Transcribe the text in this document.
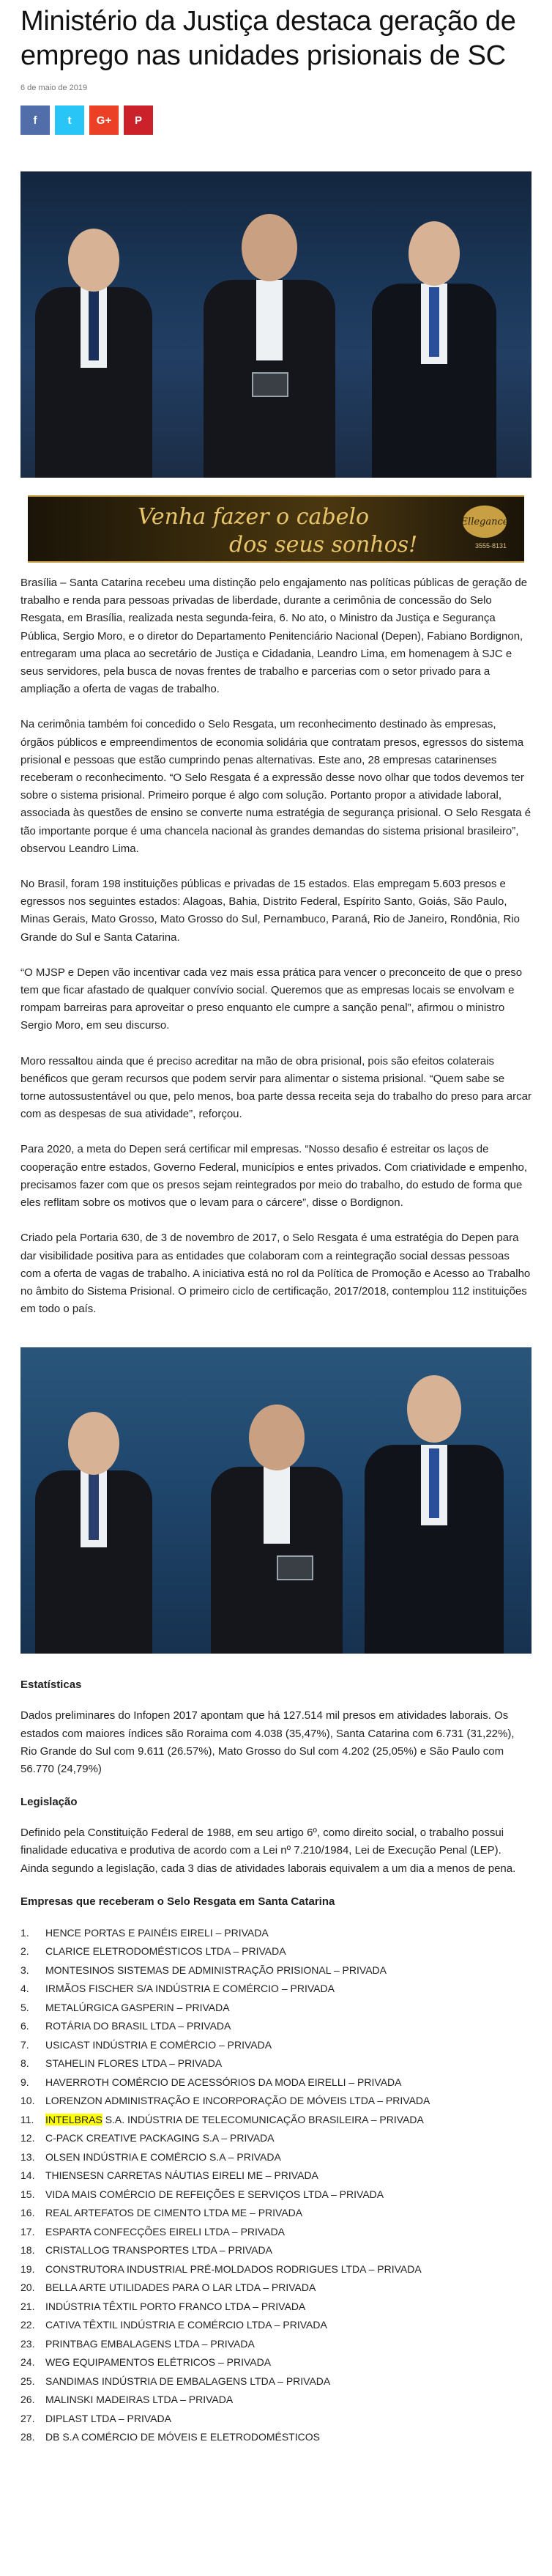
Ministério da Justiça destaca geração de emprego nas unidades prisionais de SC
6 de maio de 2019
f	t G+ P
Venha fazer o cabelo
dos seus sonhos!
Ellegance
3555-8131

Brasília – Santa Catarina recebeu uma distinção pelo engajamento nas políticas públicas de geração de trabalho e renda para pessoas privadas de liberdade, durante a cerimônia de concessão do Selo Resgata, em Brasília, realizada nesta segunda-feira, 6. No ato, o Ministro da Justiça e Segurança Pública, Sergio Moro, e o diretor do Departamento Penitenciário Nacional (Depen), Fabiano Bordignon, entregaram uma placa ao secretário de Justiça e Cidadania, Leandro Lima, em homenagem à SJC e seus servidores, pela busca de novas frentes de trabalho e parcerias com o setor privado para a ampliação a oferta de vagas de trabalho.

Na cerimônia também foi concedido o Selo Resgata, um reconhecimento destinado às empresas, órgãos públicos e empreendimentos de economia solidária que contratam presos, egressos do sistema prisional e pessoas que estão cumprindo penas alternativas. Este ano, 28 empresas catarinenses receberam o reconhecimento. “O Selo Resgata é a expressão desse novo olhar que todos devemos ter sobre o sistema prisional. Primeiro porque é algo com solução. Portanto propor a atividade laboral, associada às questões de ensino se converte numa estratégia de segurança prisional. O Selo Resgata é tão importante porque é uma chancela nacional às grandes demandas do sistema prisional brasileiro”, observou Leandro Lima.

No Brasil, foram 198 instituições públicas e privadas de 15 estados. Elas empregam 5.603 presos e egressos nos seguintes estados: Alagoas, Bahia, Distrito Federal, Espírito Santo, Goiás, São Paulo, Minas Gerais, Mato Grosso, Mato Grosso do Sul, Pernambuco, Paraná, Rio de Janeiro, Rondônia, Rio Grande do Sul e Santa Catarina.

“O MJSP e Depen vão incentivar cada vez mais essa prática para vencer o preconceito de que o preso tem que ficar afastado de qualquer convívio social. Queremos que as empresas locais se envolvam e rompam barreiras para aproveitar o preso enquanto ele cumpre a sanção penal”, afirmou o ministro Sergio Moro, em seu discurso.

Moro ressaltou ainda que é preciso acreditar na mão de obra prisional, pois são efeitos colaterais benéficos que geram recursos que podem servir para alimentar o sistema prisional. “Quem sabe se torne autossustentável ou que, pelo menos, boa parte dessa receita seja do trabalho do preso para arcar com as despesas de sua atividade”, reforçou.

Para 2020, a meta do Depen será certificar mil empresas. “Nosso desafio é estreitar os laços de cooperação entre estados, Governo Federal, municípios e entes privados. Com criatividade e empenho, precisamos fazer com que os presos sejam reintegrados por meio do trabalho, do estudo de forma que eles reflitam sobre os motivos que o levam para o cárcere”, disse o Bordignon.

Criado pela Portaria 630, de 3 de novembro de 2017, o Selo Resgata é uma estratégia do Depen para dar visibilidade positiva para as entidades que colaboram com a reintegração social dessas pessoas com a oferta de vagas de trabalho. A iniciativa está no rol da Política de Promoção e Acesso ao Trabalho no âmbito do Sistema Prisional. O primeiro ciclo de certificação, 2017/2018, contemplou 112 instituições em todo o país.

Estatísticas

Dados preliminares do Infopen 2017 apontam que há 127.514 mil presos em atividades laborais. Os estados com maiores índices são Roraima com 4.038 (35,47%), Santa Catarina com 6.731 (31,22%), Rio Grande do Sul com 9.611 (26.57%), Mato Grosso do Sul com 4.202 (25,05%) e São Paulo com 56.770 (24,79%)

Legislação

Definido pela Constituição Federal de 1988, em seu artigo 6º, como direito social, o trabalho possui finalidade educativa e produtiva de acordo com a Lei nº 7.210/1984, Lei de Execução Penal (LEP). Ainda segundo a legislação, cada 3 dias de atividades laborais equivalem a um dia a menos de pena.

Empresas que receberam o Selo Resgata em Santa Catarina
1.	HENCE PORTAS E PAINÉIS EIRELI – PRIVADA
2.	CLARICE ELETRODOMÉSTICOS LTDA – PRIVADA
3.	MONTESINOS SISTEMAS DE ADMINISTRAÇÃO PRISIONAL – PRIVADA
4.	IRMÃOS FISCHER S/A INDÚSTRIA E COMÉRCIO – PRIVADA
5.	METALÚRGICA GASPERIN – PRIVADA
6.	ROTÁRIA DO BRASIL LTDA – PRIVADA
7.	USICAST INDÚSTRIA E COMÉRCIO – PRIVADA
8.	STAHELIN FLORES LTDA – PRIVADA
9.	HAVERROTH COMÉRCIO DE ACESSÓRIOS DA MODA EIRELLI – PRIVADA
10.	LORENZON ADMINISTRAÇÃO E INCORPORAÇÃO DE MÓVEIS LTDA – PRIVADA
11.	INTELBRAS S.A. INDÚSTRIA DE TELECOMUNICAÇÃO BRASILEIRA – PRIVADA
12.	C-PACK CREATIVE PACKAGING S.A – PRIVADA
13.	OLSEN INDÚSTRIA E COMÉRCIO S.A – PRIVADA
14.	THIENSESN CARRETAS NÁUTIAS EIRELI ME – PRIVADA
15.	VIDA MAIS COMÉRCIO DE REFEIÇÕES E SERVIÇOS LTDA – PRIVADA
16.	REAL ARTEFATOS DE CIMENTO LTDA ME – PRIVADA
17.	ESPARTA CONFECÇÕES EIRELI LTDA – PRIVADA
18.	CRISTALLOG TRANSPORTES LTDA – PRIVADA
19.	CONSTRUTORA INDUSTRIAL PRÉ-MOLDADOS RODRIGUES LTDA – PRIVADA
20.	BELLA ARTE UTILIDADES PARA O LAR LTDA – PRIVADA
21.	INDÚSTRIA TÊXTIL PORTO FRANCO LTDA – PRIVADA
22.	CATIVA TÊXTIL INDÚSTRIA E COMÉRCIO LTDA – PRIVADA
23.	PRINTBAG EMBALAGENS LTDA – PRIVADA
24.	WEG EQUIPAMENTOS ELÉTRICOS – PRIVADA
25.	SANDIMAS INDÚSTRIA DE EMBALAGENS LTDA – PRIVADA
26.	MALINSKI MADEIRAS LTDA – PRIVADA
27.	DIPLAST LTDA – PRIVADA
28.	DB S.A COMÉRCIO DE MÓVEIS E ELETRODOMÉSTICOS
